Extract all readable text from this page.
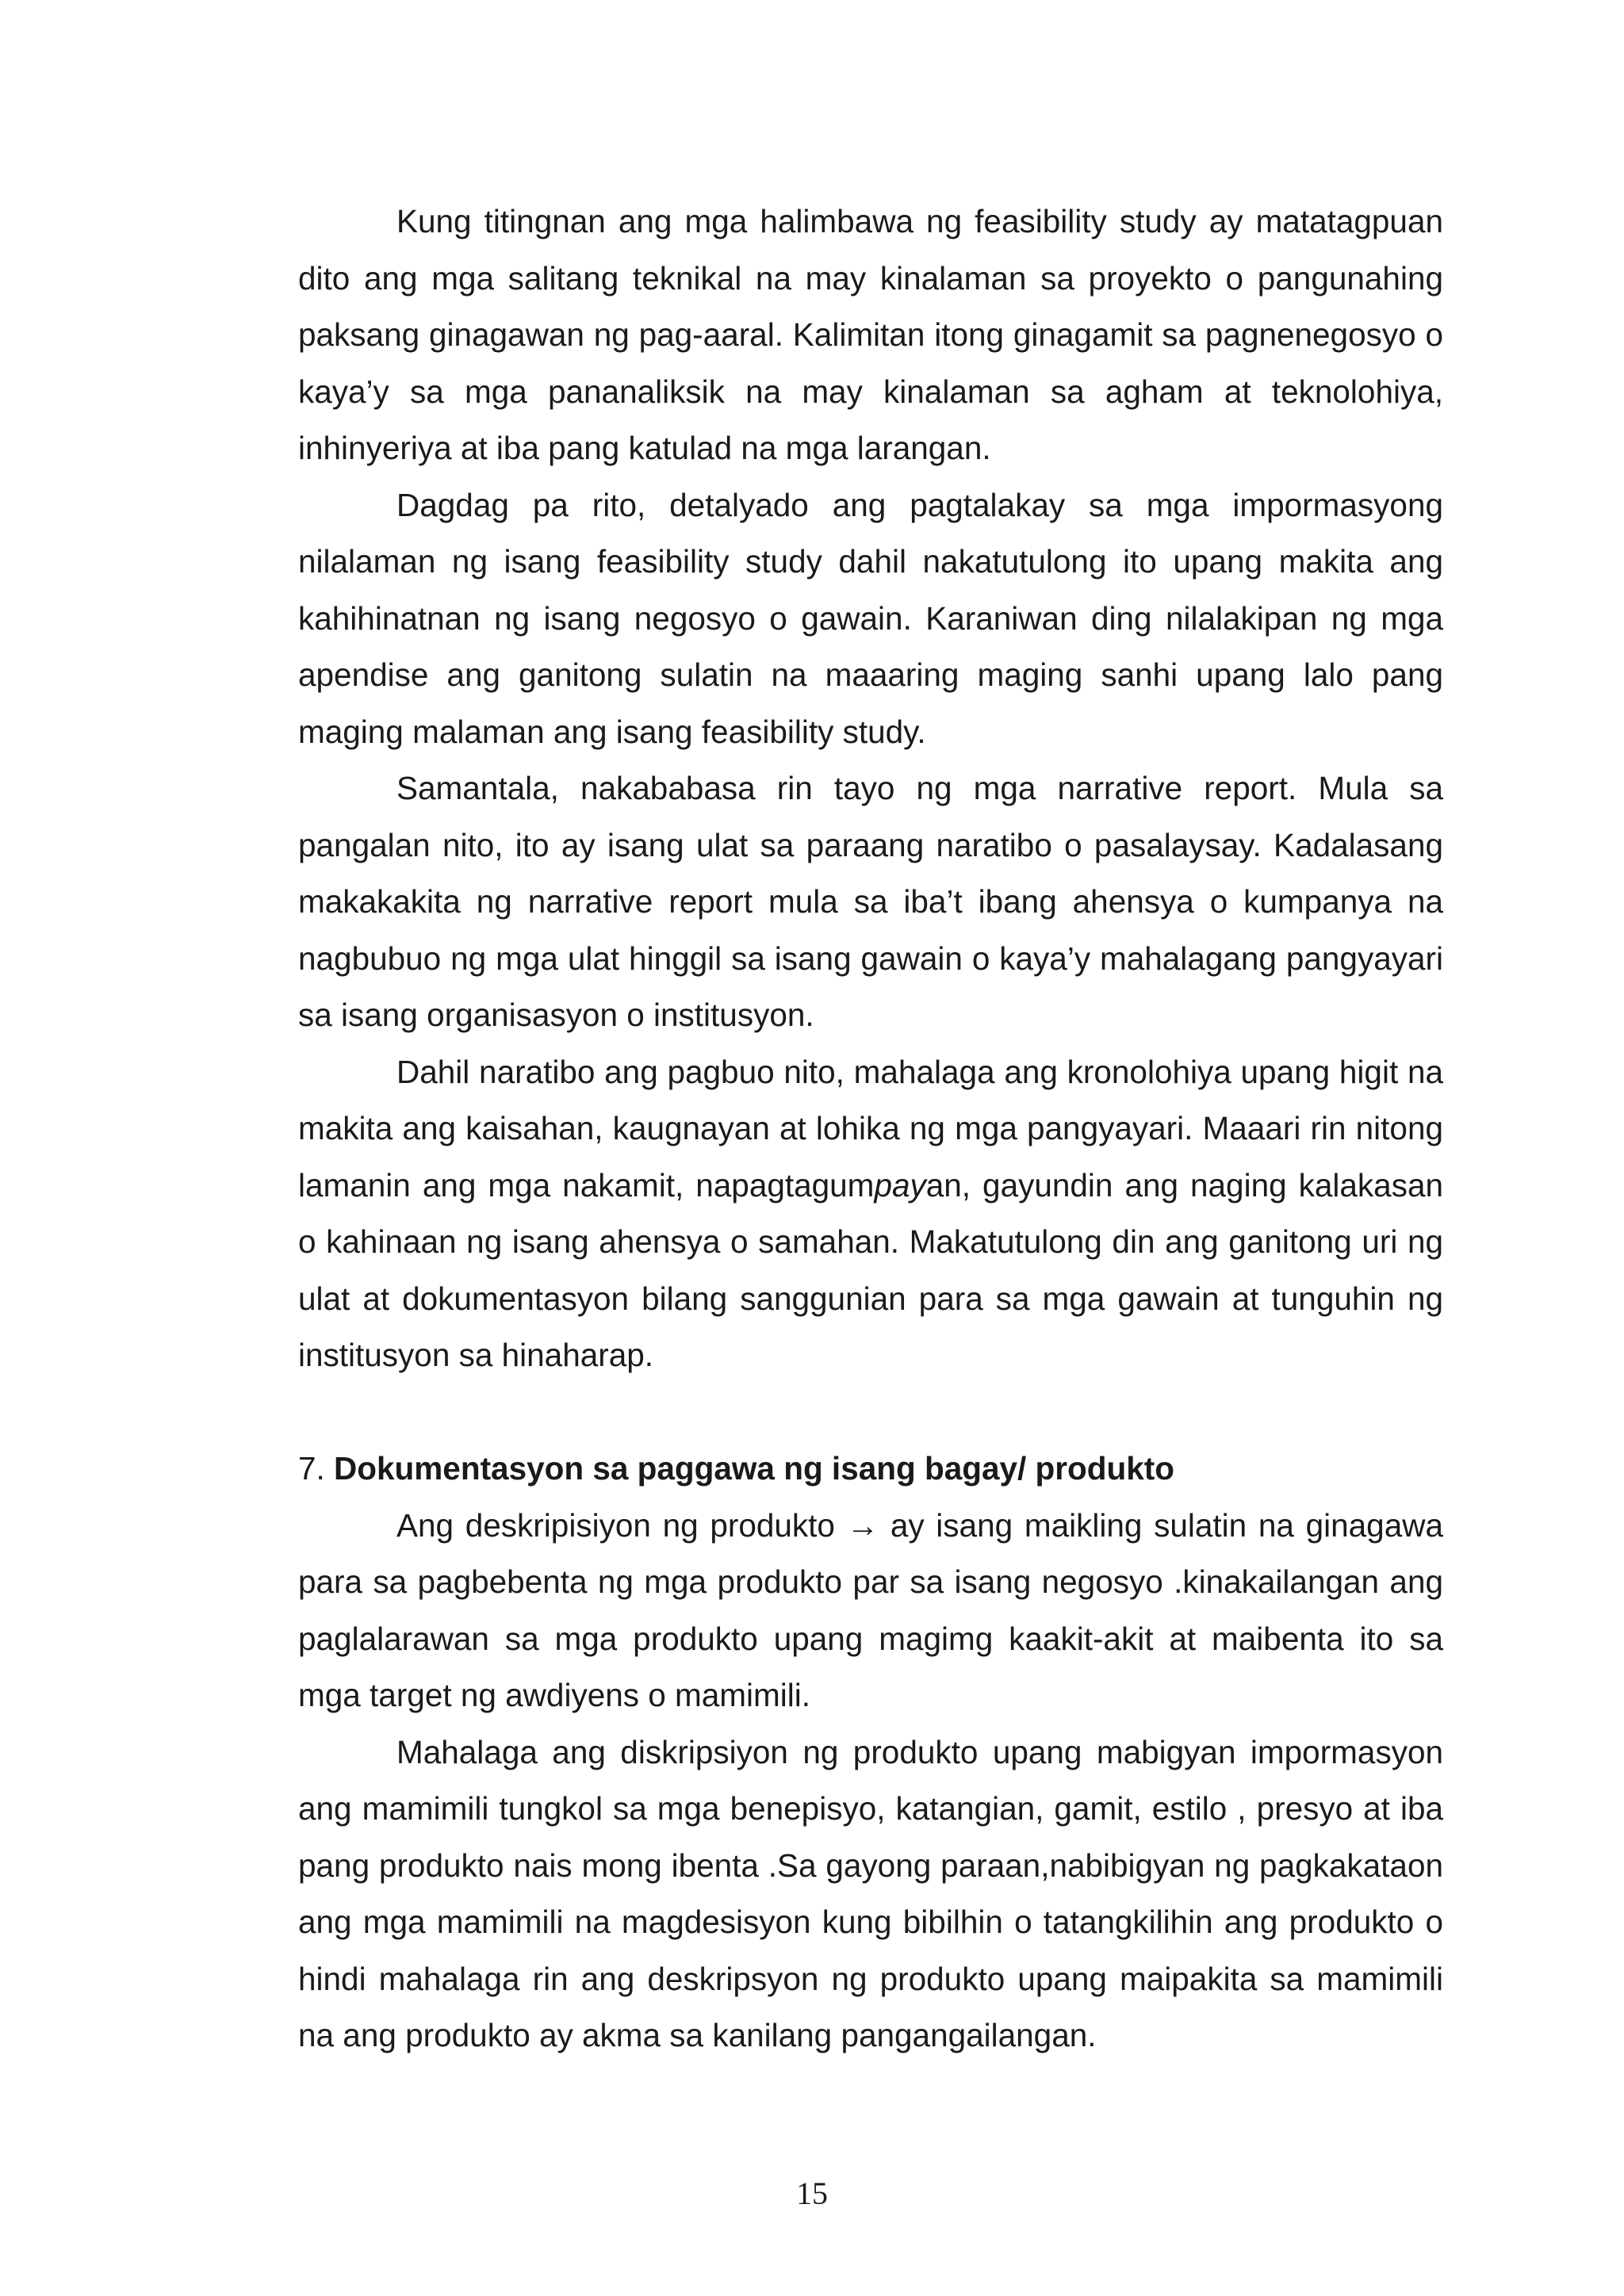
Kung titingnan ang mga halimbawa ng feasibility study ay matatagpuan dito ang mga salitang teknikal na may kinalaman sa proyekto o pangunahing paksang ginagawan ng pag-aaral. Kalimitan itong ginagamit sa pagnenegosyo o kaya’y sa mga pananaliksik na may kinalaman sa agham at teknolohiya, inhinyeriya at iba pang katulad na mga larangan.

Dagdag pa rito, detalyado ang pagtalakay sa mga impormasyong nilalaman ng isang feasibility study dahil nakatutulong ito upang makita ang kahihinatnan ng isang negosyo o gawain. Karaniwan ding nilalakipan ng mga apendise ang ganitong sulatin na maaaring maging sanhi upang lalo pang maging malaman ang isang feasibility study.

Samantala, nakababasa rin tayo ng mga narrative report. Mula sa pangalan nito, ito ay isang ulat sa paraang naratibo o pasalaysay. Kadalasang makakakita ng narrative report mula sa iba’t ibang ahensya o kumpanya na nagbubuo ng mga ulat hinggil sa isang gawain o kaya’y mahalagang pangyayari sa isang organisasyon o institusyon.

Dahil naratibo ang pagbuo nito, mahalaga ang kronolohiya upang higit na makita ang kaisahan, kaugnayan at lohika ng mga pangyayari. Maaari rin nitong lamanin ang mga nakamit, napagtagumpayan, gayundin ang naging kalakasan o kahinaan ng isang ahensya o samahan. Makatutulong din ang ganitong uri ng ulat at dokumentasyon bilang sanggunian para sa mga gawain at tunguhin ng institusyon sa hinaharap.

7. Dokumentasyon sa paggawa ng isang bagay/ produkto

Ang deskripisiyon ng produkto → ay isang maikling sulatin na ginagawa para sa pagbebenta ng mga produkto par sa isang negosyo .kinakailangan ang paglalarawan sa mga produkto upang magimg kaakit-akit at maibenta ito sa mga target ng awdiyens o mamimili.

Mahalaga ang diskripsiyon ng produkto upang mabigyan impormasyon ang mamimili tungkol sa mga benepisyo, katangian, gamit, estilo , presyo at iba pang produkto nais mong ibenta .Sa gayong paraan,nabibigyan ng pagkakataon ang mga mamimili na magdesisyon kung bibilhin o tatangkilihin ang produkto o hindi mahalaga rin ang deskripsyon ng produkto upang maipakita sa mamimili na ang produkto ay akma sa kanilang pangangailangan.

15
